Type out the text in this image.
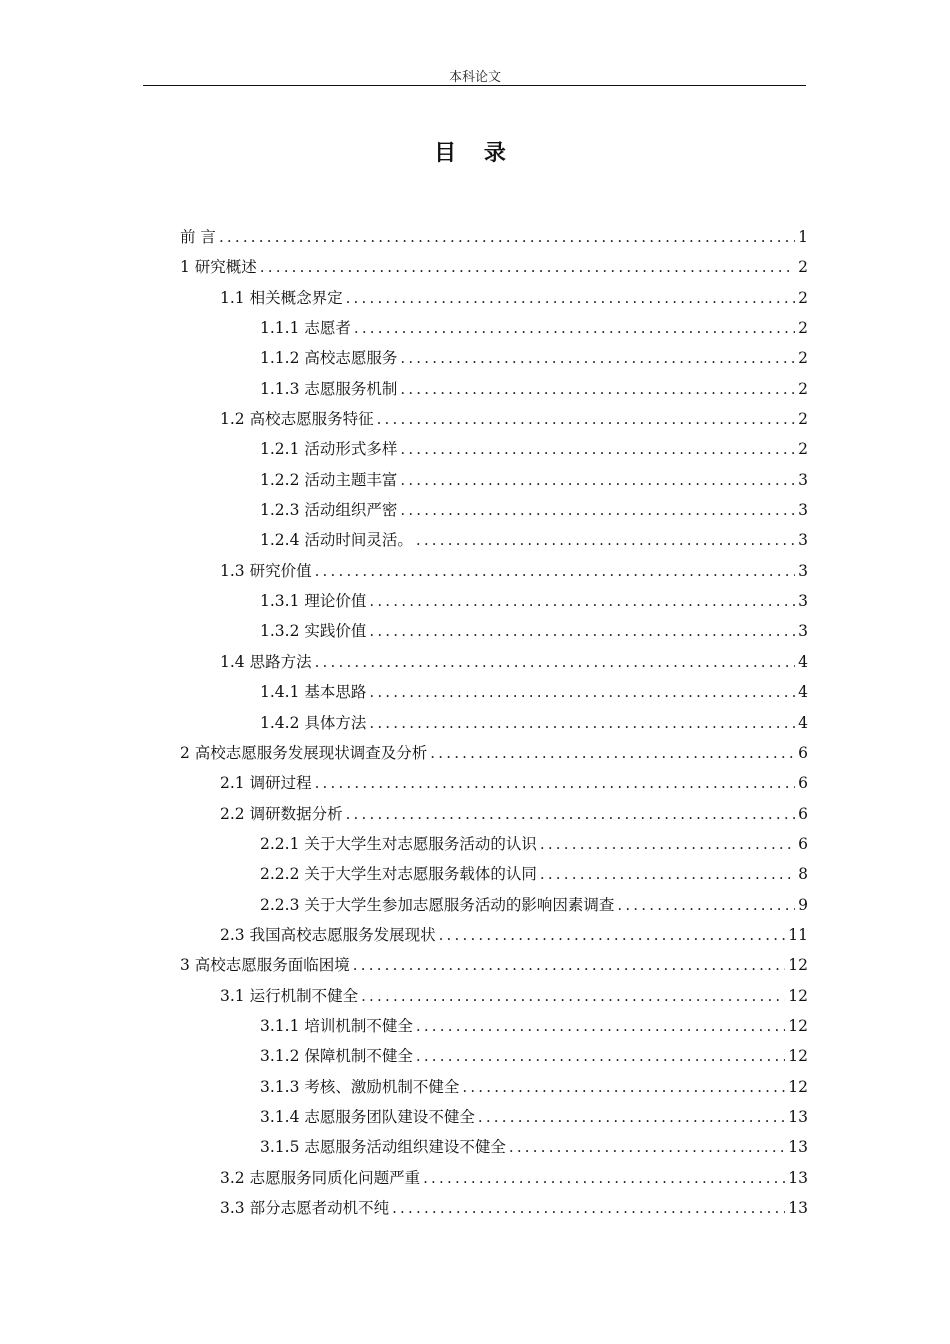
本科论文
目 录
前 言 .....	1
1 研究概述 .....	2
1.1 相关概念界定 .....	2
1.1.1 志愿者 .....	2
1.1.2 高校志愿服务 .....	2
1.1.3 志愿服务机制 .....	2
1.2 高校志愿服务特征 .....	2
1.2.1 活动形式多样 .....	2
1.2.2 活动主题丰富 .....	3
1.2.3 活动组织严密 .....	3
1.2.4 活动时间灵活。 .....	3
1.3 研究价值 .....	3
1.3.1 理论价值 .....	3
1.3.2 实践价值 .....	3
1.4 思路方法 .....	4
1.4.1 基本思路 .....	4
1.4.2 具体方法 .....	4
2 高校志愿服务发展现状调查及分析 .....	6
2.1 调研过程 .....	6
2.2 调研数据分析 .....	6
2.2.1 关于大学生对志愿服务活动的认识 .....	6
2.2.2 关于大学生对志愿服务载体的认同 .....	8
2.2.3 关于大学生参加志愿服务活动的影响因素调查 .....	9
2.3 我国高校志愿服务发展现状 .....	11
3 高校志愿服务面临困境 .....	12
3.1 运行机制不健全 .....	12
3.1.1 培训机制不健全 .....	12
3.1.2 保障机制不健全 .....	12
3.1.3 考核、激励机制不健全 .....	12
3.1.4 志愿服务团队建设不健全 .....	13
3.1.5 志愿服务活动组织建设不健全 .....	13
3.2 志愿服务同质化问题严重 .....	13
3.3 部分志愿者动机不纯 .....	13
